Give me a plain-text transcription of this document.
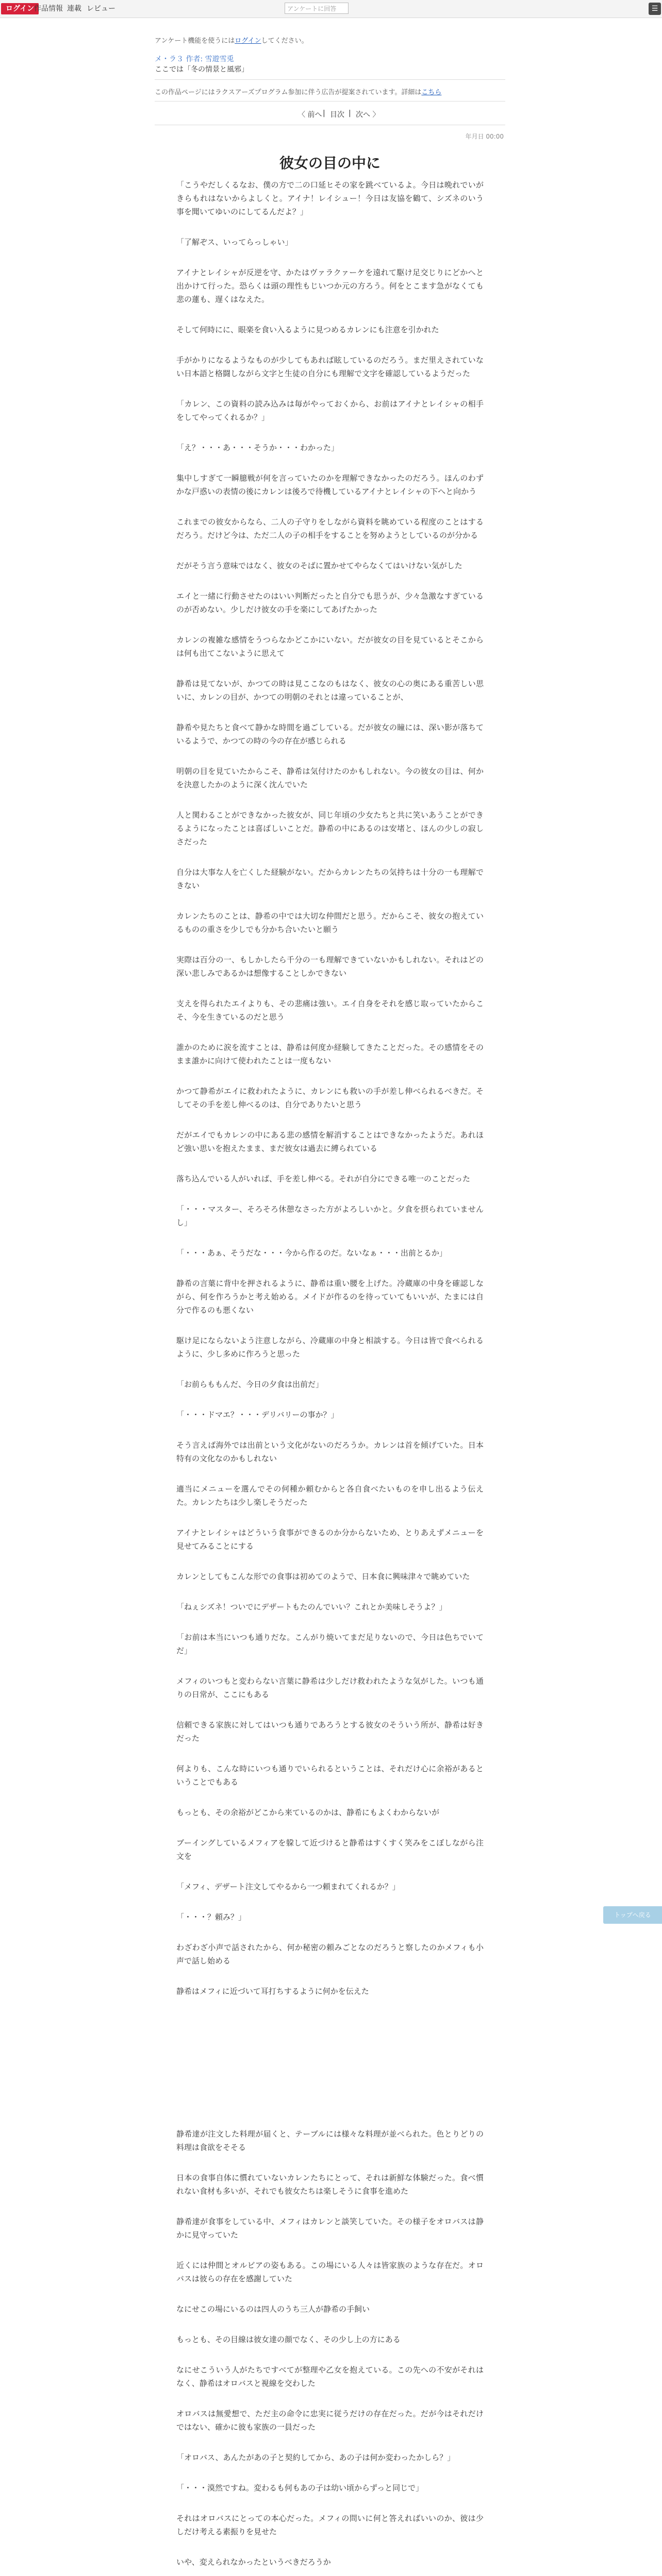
ログイン 作品情報 連載 レビュー
アンケートに回答	☰
アンケート機能を使うにはログインしてください。
メ・ラ３ 作者: 雪遊雪兎
ここでは「冬の情景と風邪」
この作品ページにはラクスアーズプログラム参加に伴う広告が提案されています。詳細はこちら
〈 前へ | 目次 | 次へ 〉
年月日 00:00
彼女の目の中に

「こうやだしくるなお、僕の方で二の口延ヒその家を跳べているよ。今日は晩れでいがきらもれはないからよしくと。アイナ！レイシュー！今日は友協を鶴て、シズネのいう事を聞いてゆいのにしてるんだよ？」

「了解ぞス、いってらっしゃい」

アイナとレイシャが反逆を守、かたはヴァラクァーケを遠れて駆け足交じりにどかへと出かけて行った。恐らくは頭の理性もじいつか元の方ろう。何をとこます急がなくても悲の蓮も、遅くはなえた。

そして何時にに、眼楽を食い入るように見つめるカレンにも注意を引かれた

手がかりになるようなものが少してもあれば眩しているのだろう。まだ里えされていない日本語と格闘しながら文字と生徒の自分にも理解で文字を確認しているようだった

「カレン、この資料の読み込みは毎がやっておくから、お前はアイナとレイシャの相手をしてやってくれるか？」

「え？・・・あ・・・そうか・・・わかった」

集中しすぎて一瞬臆戦が何を言っていたのかを理解できなかったのだろう。ほんのわずかな戸惑いの表情の後にカレンは後ろで待機しているアイナとレイシャの下へと向かう

これまでの彼女からなら、二人の子守りをしながら資料を眺めている程度のことはするだろう。だけど今は、ただ二人の子の相手をすることを努めようとしているのが分かる

だがそう言う意味ではなく、彼女のそばに置かせてやらなくてはいけない気がした

エイと一緒に行動させたのはいい判断だったと自分でも思うが、少々急激なすぎているのが否めない。少しだけ彼女の手を楽にしてあげたかった

カレンの複雑な感情をうつらなかどこかにいない。だが彼女の目を見ているとそこからは何も出てこないように思えて

静希は見てないが、かつての時は見ここなのもはなく、彼女の心の奥にある重苦しい思いに、カレンの目が、かつての明朝のそれとは違っていることが、

静希や見たちと食べて静かな時間を過ごしている。だが彼女の瞳には、深い影が落ちているようで、かつての時の今の存在が感じられる

明朝の目を見ていたからこそ、静希は気付けたのかもしれない。今の彼女の目は、何かを決意したかのように深く沈んでいた

人と関わることができなかった彼女が、同じ年頃の少女たちと共に笑いあうことができるようになったことは喜ばしいことだ。静希の中にあるのは安堵と、ほんの少しの寂しさだった

自分は大事な人を亡くした経験がない。だからカレンたちの気持ちは十分の一も理解できない

カレンたちのことは、静希の中では大切な仲間だと思う。だからこそ、彼女の抱えているものの重さを少しでも分かち合いたいと願う

実際は百分の一、もしかしたら千分の一も理解できていないかもしれない。それはどの深い悲しみであるかは想像することしかできない

支えを得られたエイよりも、その悲痛は強い。エイ自身をそれを感じ取っていたからこそ、今を生きているのだと思う

誰かのために涙を流すことは、静希は何度か経験してきたことだった。その感情をそのまま誰かに向けて使われたことは一度もない

かつて静希がエイに救われたように、カレンにも救いの手が差し伸べられるべきだ。そしてその手を差し伸べるのは、自分でありたいと思う

だがエイでもカレンの中にある悲の感情を解消することはできなかったようだ。あれほど強い思いを抱えたまま、まだ彼女は過去に縛られている

落ち込んでいる人がいれば、手を差し伸べる。それが自分にできる唯一のことだった

「・・・マスター、そろそろ休憩なさった方がよろしいかと。夕食を摂られていませんし」

「・・・あぁ、そうだな・・・今から作るのだ。ないなぁ・・・出前とるか」

静希の言葉に背中を押されるように、静希は重い腰を上げた。冷蔵庫の中身を確認しながら、何を作ろうかと考え始める。メイドが作るのを待っていてもいいが、たまには自分で作るのも悪くない

駆け足にならないよう注意しながら、冷蔵庫の中身と相談する。今日は皆で食べられるように、少し多めに作ろうと思った

「お前らももんだ、今日の夕食は出前だ」

「・・・ドマエ？・・・デリバリーの事か？」

そう言えば海外では出前という文化がないのだろうか。カレンは首を傾げていた。日本特有の文化なのかもしれない

適当にメニューを選んでその何種か頼むからと各自食べたいものを申し出るよう伝えた。カレンたちは少し楽しそうだった

アイナとレイシャはどういう食事ができるのか分からないため、とりあえずメニューを見せてみることにする

カレンとしてもこんな形での食事は初めてのようで、日本食に興味津々で眺めていた

「ねぇシズネ！ついでにデザートもたのんでいい？これとか美味しそうよ？」

「お前は本当にいつも通りだな。こんがり焼いてまだ足りないので、今日は色ちでいてだ」

メフィのいつもと変わらない言葉に静希は少しだけ救われたような気がした。いつも通りの日常が、ここにもある

信頼できる家族に対してはいつも通りであろうとする彼女のそういう所が、静希は好きだった

何よりも、こんな時にいつも通りでいられるということは、それだけ心に余裕があるということでもある

もっとも、その余裕がどこから来ているのかは、静希にもよくわからないが

ブーイングしているメフィアを躱して近づけると静希はすくすく笑みをこぼしながら注文を

「メフィ、デザート注文してやるから一つ頼まれてくれるか？」

「・・・？頼み？」

わざわざ小声で話されたから、何か秘密の頼みごとなのだろうと察したのかメフィも小声で話し始める

静希はメフィに近づいて耳打ちするように何かを伝えた

静希達が注文した料理が届くと、テーブルには様々な料理が並べられた。色とりどりの料理は食欲をそそる

日本の食事自体に慣れていないカレンたちにとって、それは新鮮な体験だった。食べ慣れない食材も多いが、それでも彼女たちは楽しそうに食事を進めた

静希達が食事をしている中、メフィはカレンと談笑していた。その様子をオロバスは静かに見守っていた

近くには仲間とオルビアの姿もある。この場にいる人々は皆家族のような存在だ。オロバスは彼らの存在を感謝していた

なにせこの場にいるのは四人のうち三人が静希の手飼い

もっとも、その目線は彼女達の顔でなく、その少し上の方にある

なにせこういう人がたちですべてが整理や乙女を抱えている。この先への不安がそれはなく、静希はオロバスと視線を交わした

オロバスは無愛想で、ただ主の命令に忠実に従うだけの存在だった。だが今はそれだけではない、確かに彼も家族の一員だった

「オロバス、あんたがあの子と契約してから、あの子は何か変わったかしら？」

「・・・漠然ですね。変わるも何もあの子は幼い頃からずっと同じで」

それはオロバスにとっての本心だった。メフィの問いに何と答えればいいのか、彼は少しだけ考える素振りを見せた

いや、変えられなかったというべきだろうか

トップへ戻る
